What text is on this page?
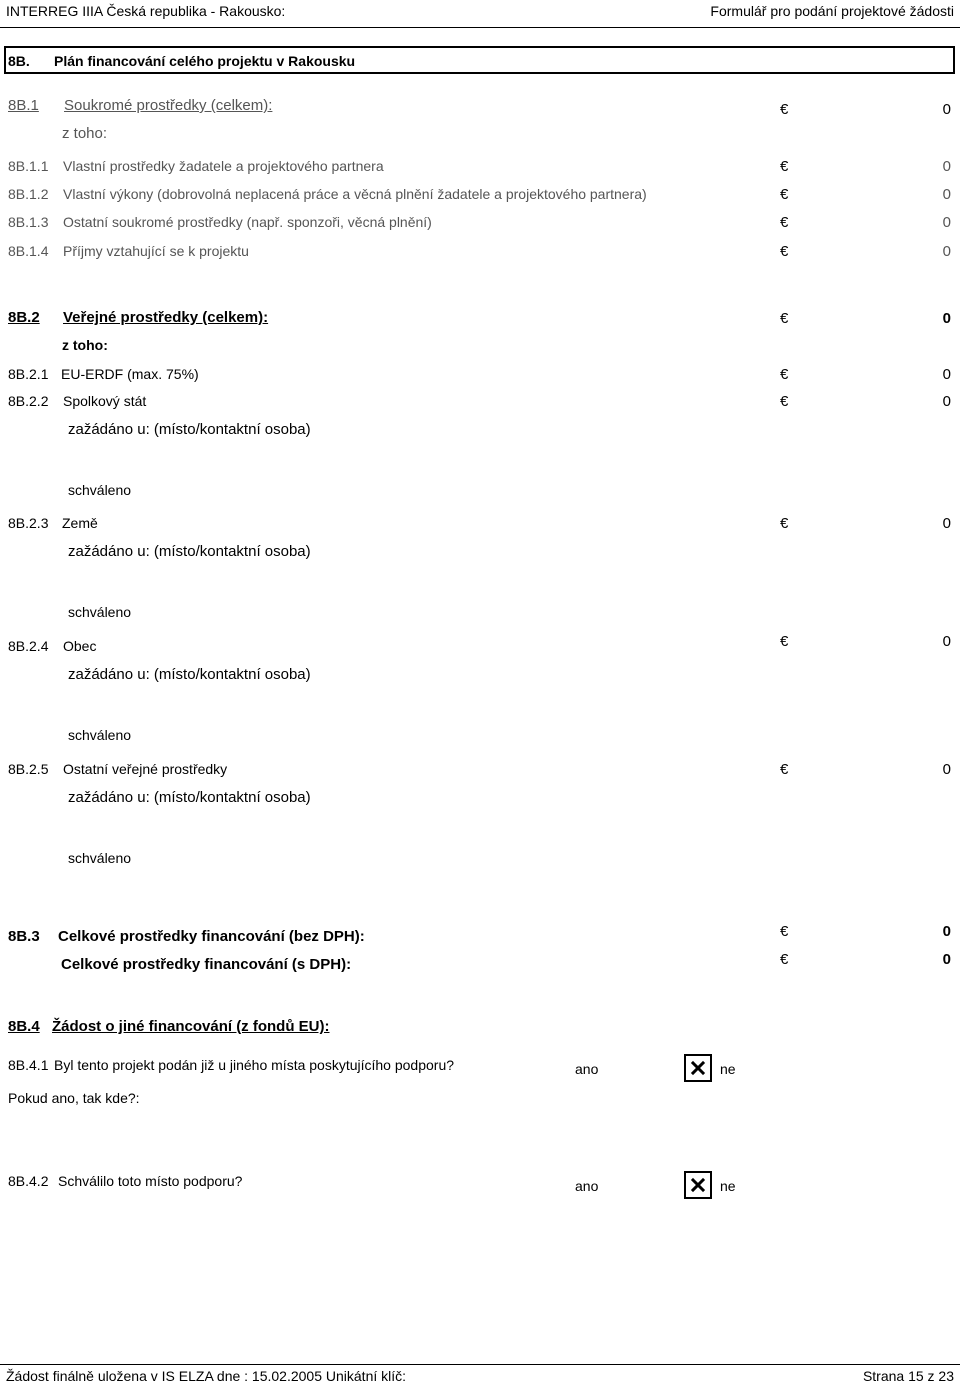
INTERREG IIIA Česká republika - Rakousko:	Formulář pro podání projektové žádosti
8B. Plán financování celého projektu v Rakousku
8B.1 Soukromé prostředky (celkem):	€	0
z toho:
8B.1.1 Vlastní prostředky žadatele a projektového partnera	€	0
8B.1.2 Vlastní výkony (dobrovolná neplacená práce a věcná plnění žadatele a projektového partnera)	€	0
8B.1.3 Ostatní soukromé prostředky (např. sponzoři, věcná plnění)	€	0
8B.1.4 Příjmy vztahující se k projektu	€	0
8B.2 Veřejné prostředky (celkem):	€	0
z toho:
8B.2.1 EU-ERDF (max. 75%)	€	0
8B.2.2 Spolkový stát	€	0
zažádáno u: (místo/kontaktní osoba)
schváleno
8B.2.3 Země	€	0
zažádáno u: (místo/kontaktní osoba)
schváleno
8B.2.4 Obec	€	0
zažádáno u: (místo/kontaktní osoba)
schváleno
8B.2.5 Ostatní veřejné prostředky	€	0
zažádáno u: (místo/kontaktní osoba)
schváleno
8B.3 Celkové prostředky financování (bez DPH):	€	0
Celkové prostředky financování (s DPH):	€	0
8B.4 Žádost o jiné financování (z fondů EU):
8B.4.1 Byl tento projekt podán již u jiného místa poskytujícího podporu?	ano	ne
Pokud ano, tak kde?:
8B.4.2 Schválilo toto místo podporu?	ano	ne
Žádost finálně uložena v IS ELZA dne : 15.02.2005 Unikátní klíč:	Strana 15 z 23
